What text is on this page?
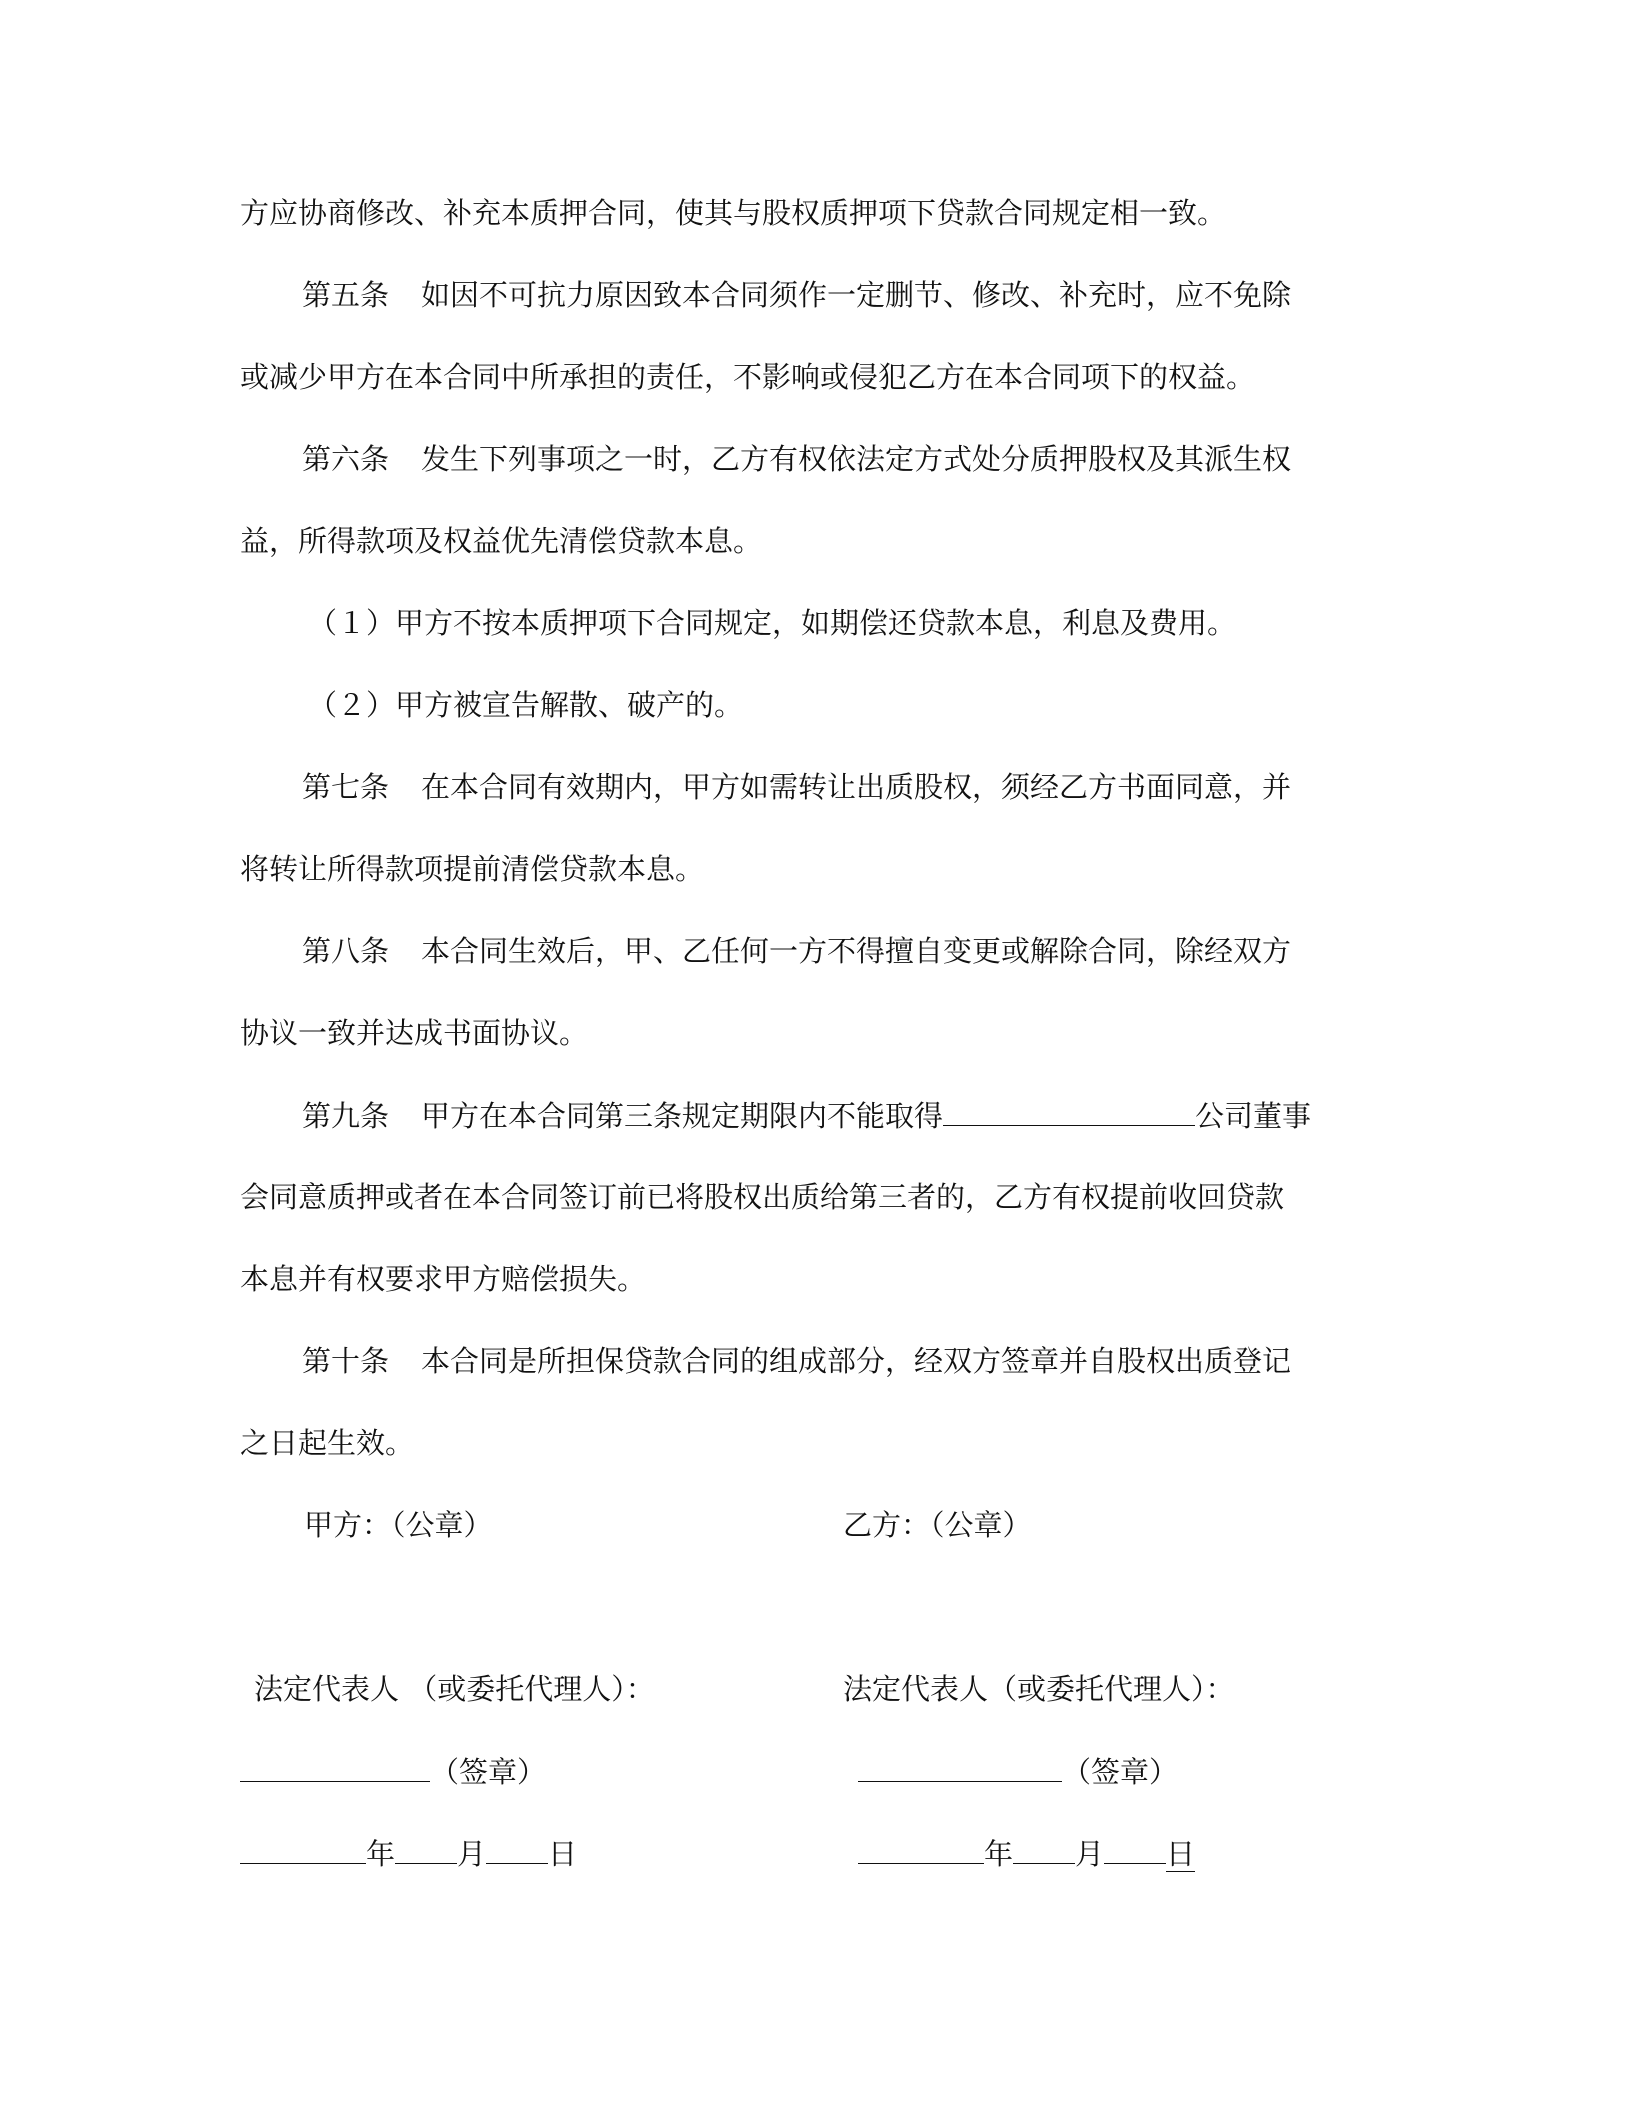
方应协商修改、补充本质押合同，使其与股权质押项下贷款合同规定相一致。
第五条 如因不可抗力原因致本合同须作一定删节、修改、补充时，应不免除
或减少甲方在本合同中所承担的责任，不影响或侵犯乙方在本合同项下的权益。
第六条 发生下列事项之一时，乙方有权依法定方式处分质押股权及其派生权
益，所得款项及权益优先清偿贷款本息。
（１）甲方不按本质押项下合同规定，如期偿还贷款本息，利息及费用。
（２）甲方被宣告解散、破产的。
第七条 在本合同有效期内，甲方如需转让出质股权，须经乙方书面同意，并
将转让所得款项提前清偿贷款本息。
第八条 本合同生效后，甲、乙任何一方不得擅自变更或解除合同，除经双方
协议一致并达成书面协议。
第九条 甲方在本合同第三条规定期限内不能取得	公司董事
会同意质押或者在本合同签订前已将股权出质给第三者的，乙方有权提前收回贷款
本息并有权要求甲方赔偿损失。
第十条 本合同是所担保贷款合同的组成部分，经双方签章并自股权出质登记
之日起生效。
甲方：（公章）	乙方：（公章）
法定代表人 （或委托代理人）：	法定代表人（或委托代理人）：
（签章）	（签章）
年 月 日	年 月 日
